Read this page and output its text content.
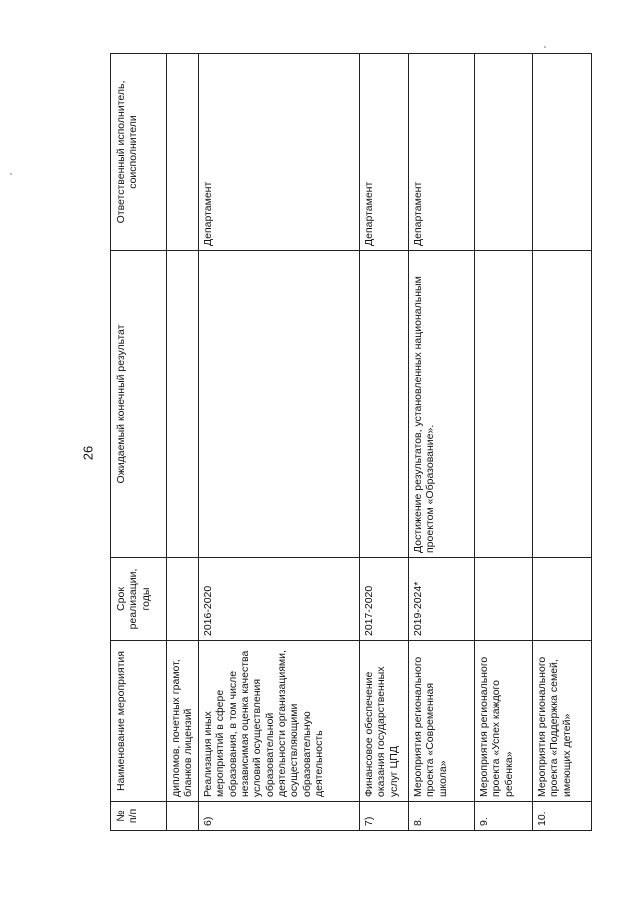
26
№ п/п	Наименование мероприятия	Срок реализации, годы	Ожидаемый конечный результат	Ответственный исполнитель, соисполнители
	дипломов, почетных грамот, бланков лицензий			
6)	Реализация иных мероприятий в сфере образования, в том числе независимая оценка качества условий осуществления образовательной деятельности организациями, осуществляющими образовательную деятельность	2016-2020		Департамент
7)	Финансовое обеспечение оказания государственных услуг ЦПД	2017-2020		Департамент
8.	Мероприятия регионального проекта «Современная школа»	2019-2024*	Достижение результатов, установленных национальным проектом «Образование».	Департамент
9.	Мероприятия регионального проекта «Успех каждого ребенка»			
10.	Мероприятия регионального проекта «Поддержка семей, имеющих детей»			
